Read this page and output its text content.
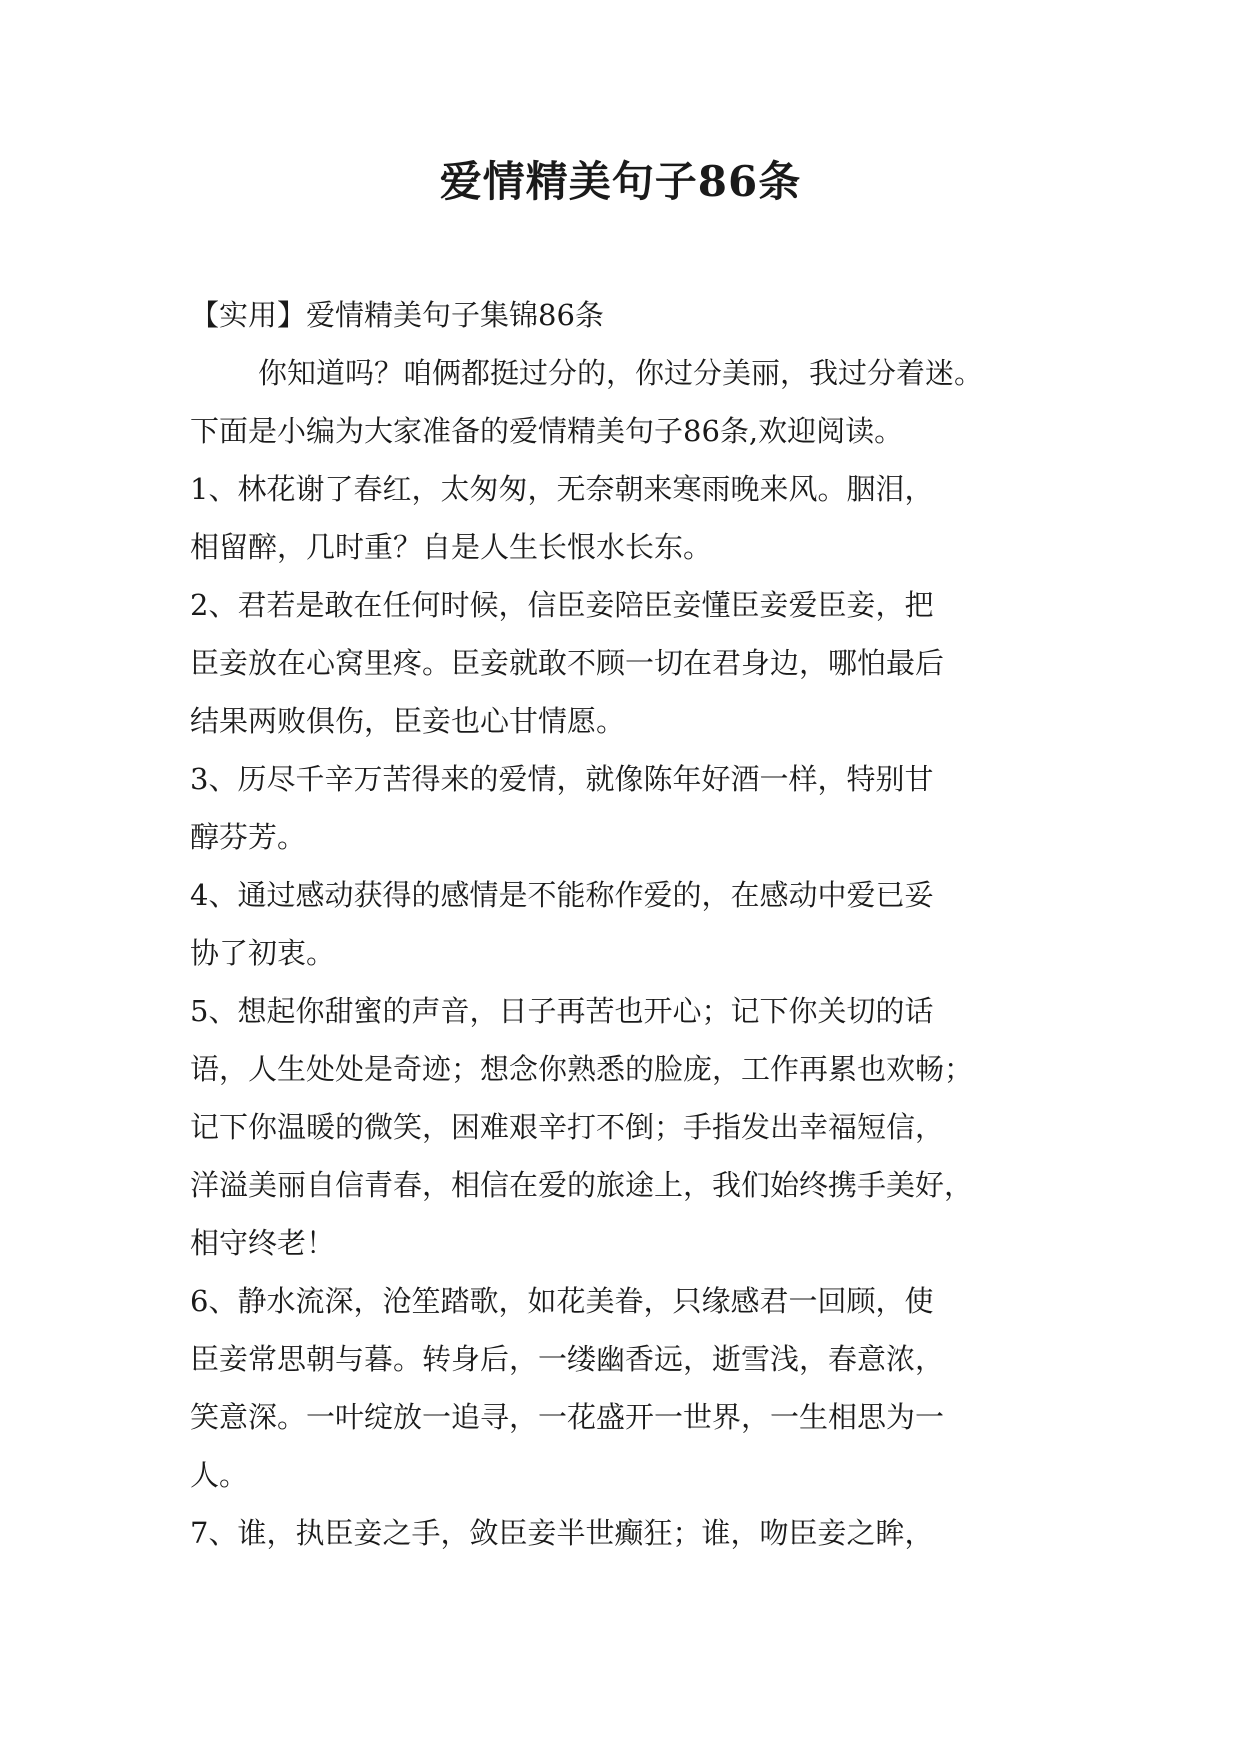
爱情精美句子86条

【实用】爱情精美句子集锦86条

你知道吗？咱俩都挺过分的，你过分美丽，我过分着迷。

下面是小编为大家准备的爱情精美句子86条,欢迎阅读。

1、林花谢了春红，太匆匆，无奈朝来寒雨晚来风。胭泪，

相留醉，几时重？自是人生长恨水长东。

2、君若是敢在任何时候，信臣妾陪臣妾懂臣妾爱臣妾，把

臣妾放在心窝里疼。臣妾就敢不顾一切在君身边，哪怕最后

结果两败俱伤，臣妾也心甘情愿。

3、历尽千辛万苦得来的爱情，就像陈年好酒一样，特别甘

醇芬芳。

4、通过感动获得的感情是不能称作爱的，在感动中爱已妥

协了初衷。

5、想起你甜蜜的声音，日子再苦也开心；记下你关切的话

语，人生处处是奇迹；想念你熟悉的脸庞，工作再累也欢畅；

记下你温暖的微笑，困难艰辛打不倒；手指发出幸福短信，

洋溢美丽自信青春，相信在爱的旅途上，我们始终携手美好，

相守终老！

6、静水流深，沧笙踏歌，如花美眷，只缘感君一回顾，使

臣妾常思朝与暮。转身后，一缕幽香远，逝雪浅，春意浓，

笑意深。一叶绽放一追寻，一花盛开一世界，一生相思为一

人。

7、谁，执臣妾之手，敛臣妾半世癫狂；谁，吻臣妾之眸，
